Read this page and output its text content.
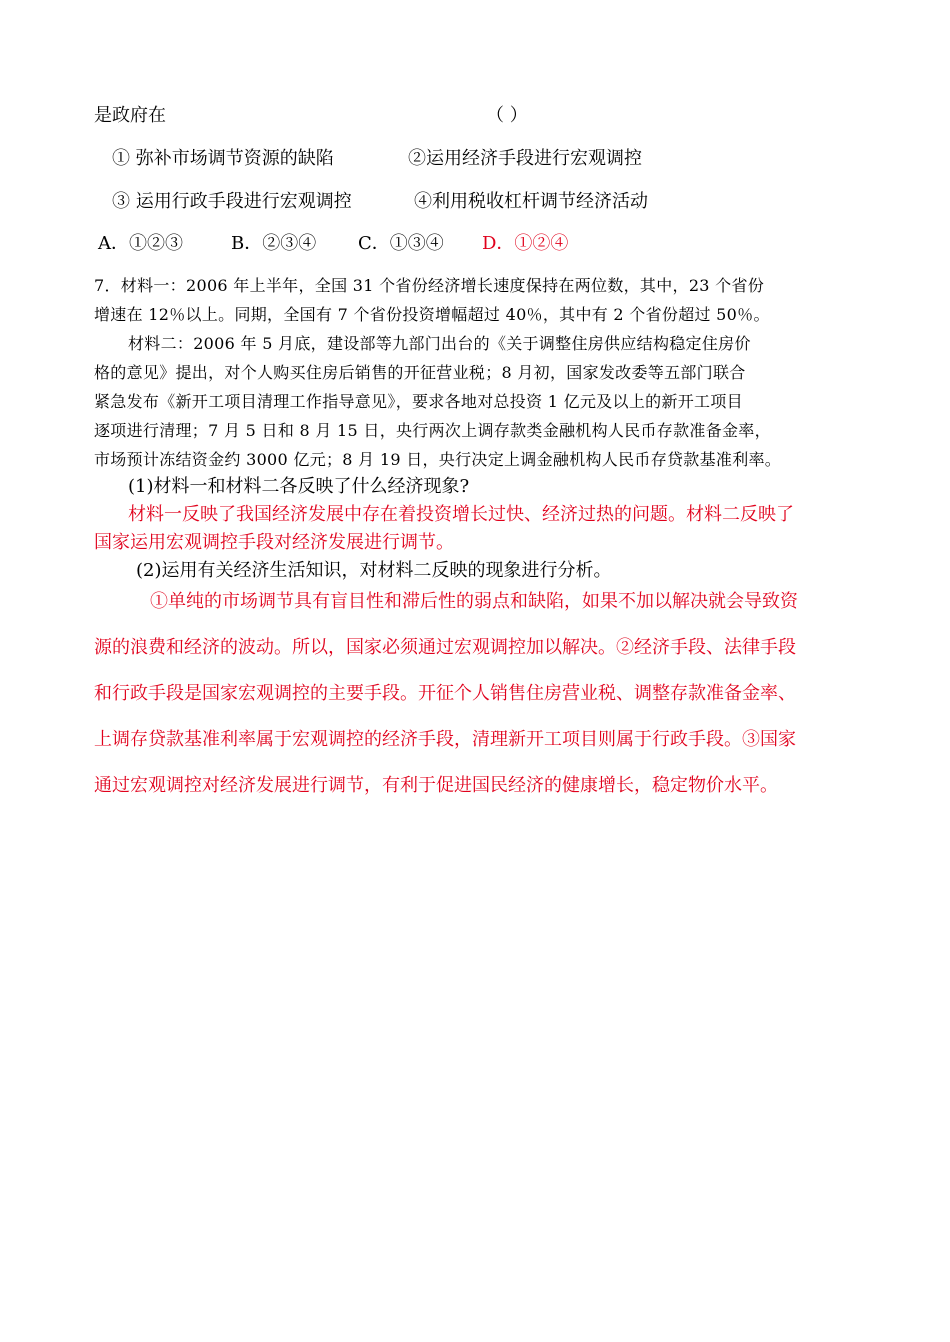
是政府在	（ ）
① 弥补市场调节资源的缺陷	②运用经济手段进行宏观调控
③ 运用行政手段进行宏观调控	④利用税收杠杆调节经济活动
A．①②③	B．②③④ C．①③④ D．①②④
7．材料一：2006 年上半年，全国 31 个省份经济增长速度保持在两位数，其中，23 个省份
增速在 12％以上。同期，全国有 7 个省份投资增幅超过 40％，其中有 2 个省份超过 50％。
材料二：2006 年 5 月底，建设部等九部门出台的《关于调整住房供应结构稳定住房价
格的意见》提出，对个人购买住房后销售的开征营业税；8 月初，国家发改委等五部门联合
紧急发布《新开工项目清理工作指导意见》，要求各地对总投资 1 亿元及以上的新开工项目
逐项进行清理；7 月 5 日和 8 月 15 日，央行两次上调存款类金融机构人民币存款准备金率，
市场预计冻结资金约 3000 亿元；8 月 19 日，央行决定上调金融机构人民币存贷款基准利率。
(1)材料一和材料二各反映了什么经济现象?
材料一反映了我国经济发展中存在着投资增长过快、经济过热的问题。材料二反映了
国家运用宏观调控手段对经济发展进行调节。
(2)运用有关经济生活知识，对材料二反映的现象进行分析。
①单纯的市场调节具有盲目性和滞后性的弱点和缺陷，如果不加以解决就会导致资
源的浪费和经济的波动。所以，国家必须通过宏观调控加以解决。②经济手段、法律手段
和行政手段是国家宏观调控的主要手段。开征个人销售住房营业税、调整存款准备金率、
上调存贷款基准利率属于宏观调控的经济手段，清理新开工项目则属于行政手段。③国家
通过宏观调控对经济发展进行调节，有利于促进国民经济的健康增长，稳定物价水平。
